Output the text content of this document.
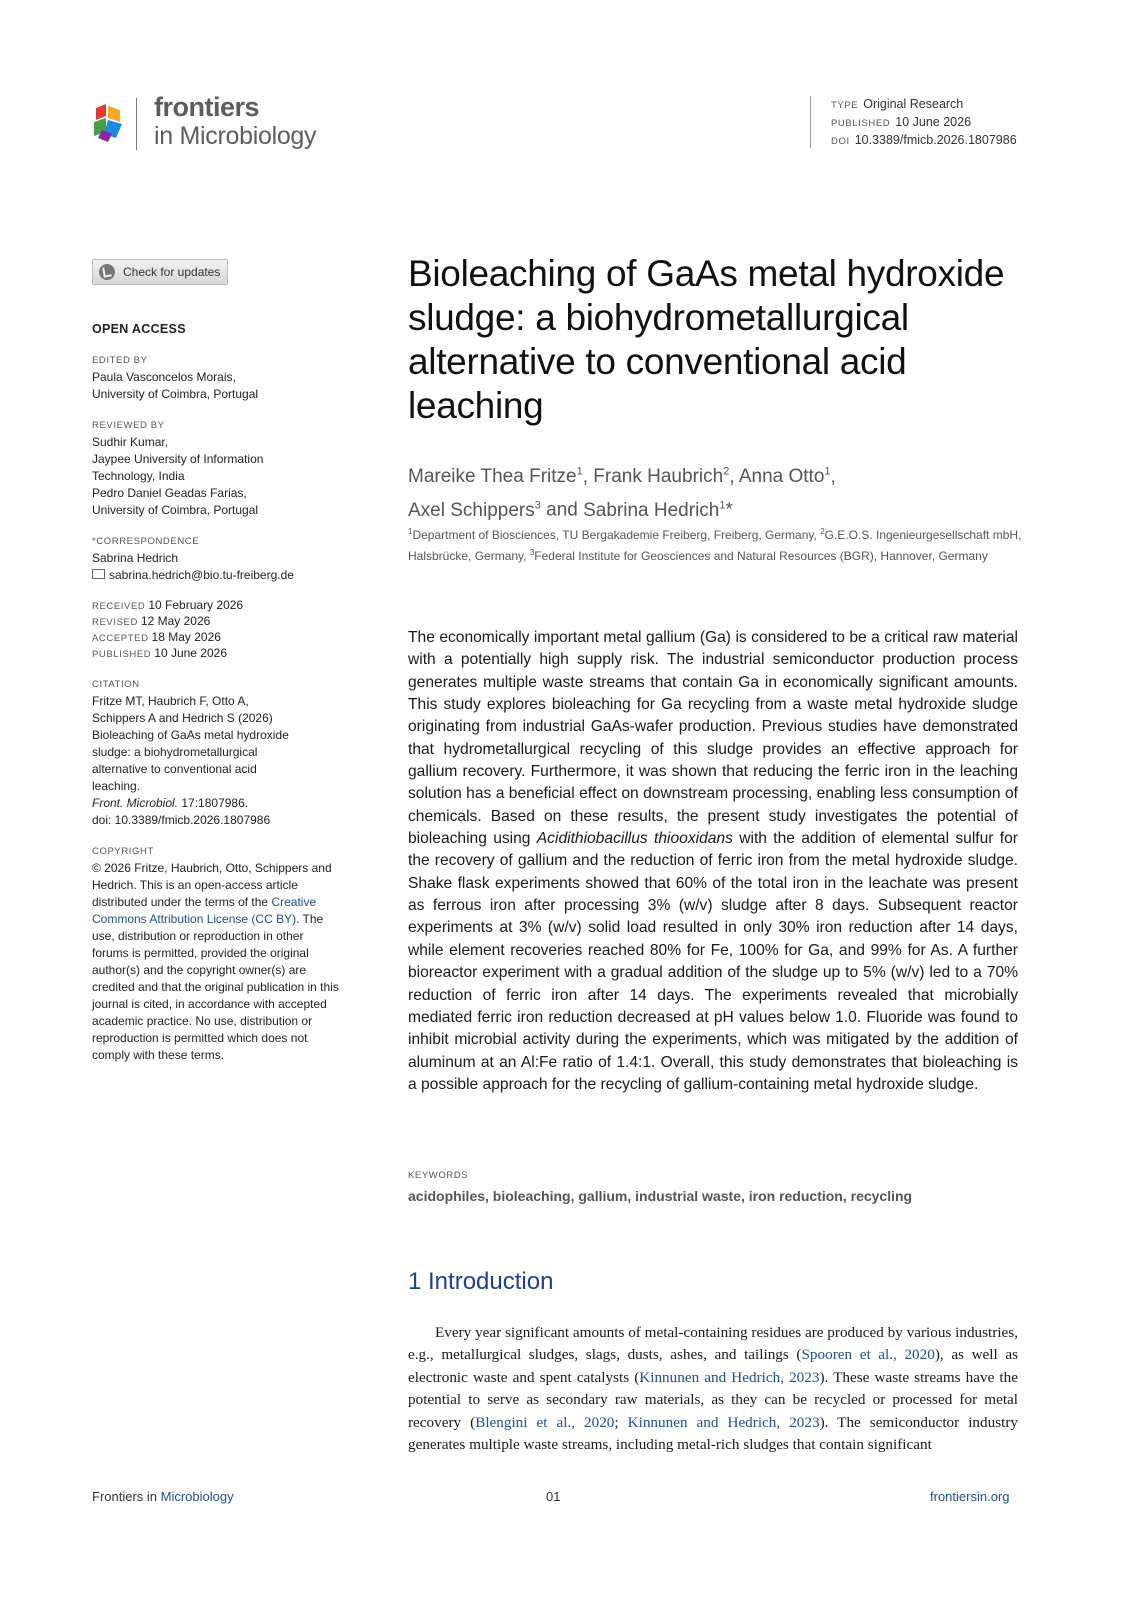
frontiers
in Microbiology
TYPE Original Research
PUBLISHED 10 June 2026
DOI 10.3389/fmicb.2026.1807986
Check for updates
OPEN ACCESS
EDITED BY
Paula Vasconcelos Morais,
University of Coimbra, Portugal
REVIEWED BY
Sudhir Kumar,
Jaypee University of Information
Technology, India
Pedro Daniel Geadas Farias,
University of Coimbra, Portugal
*CORRESPONDENCE
Sabrina Hedrich
sabrina.hedrich@bio.tu-freiberg.de
RECEIVED 10 February 2026
REVISED 12 May 2026
ACCEPTED 18 May 2026
PUBLISHED 10 June 2026
CITATION
Fritze MT, Haubrich F, Otto A,
Schippers A and Hedrich S (2026)
Bioleaching of GaAs metal hydroxide
sludge: a biohydrometallurgical
alternative to conventional acid
leaching.
Front. Microbiol. 17:1807986.
doi: 10.3389/fmicb.2026.1807986
COPYRIGHT
© 2026 Fritze, Haubrich, Otto, Schippers and Hedrich. This is an open-access article distributed under the terms of the Creative Commons Attribution License (CC BY). The use, distribution or reproduction in other forums is permitted, provided the original author(s) and the copyright owner(s) are credited and that the original publication in this journal is cited, in accordance with accepted academic practice. No use, distribution or reproduction is permitted which does not comply with these terms.
Bioleaching of GaAs metal hydroxide sludge: a biohydrometallurgical alternative to conventional acid leaching
Mareike Thea Fritze$^1$, Frank Haubrich$^2$, Anna Otto$^1$,
Axel Schippers$^3$ and Sabrina Hedrich$^1$*
$^1$Department of Biosciences, TU Bergakademie Freiberg, Freiberg, Germany, $^2$G.E.O.S. Ingenieurgesellschaft mbH, Halsbrücke, Germany, $^3$Federal Institute for Geosciences and Natural Resources (BGR), Hannover, Germany
The economically important metal gallium (Ga) is considered to be a critical raw material with a potentially high supply risk. The industrial semiconductor production process generates multiple waste streams that contain Ga in economically significant amounts. This study explores bioleaching for Ga recycling from a waste metal hydroxide sludge originating from industrial GaAs-wafer production. Previous studies have demonstrated that hydrometallurgical recycling of this sludge provides an effective approach for gallium recovery. Furthermore, it was shown that reducing the ferric iron in the leaching solution has a beneficial effect on downstream processing, enabling less consumption of chemicals. Based on these results, the present study investigates the potential of bioleaching using Acidithiobacillus thiooxidans with the addition of elemental sulfur for the recovery of gallium and the reduction of ferric iron from the metal hydroxide sludge. Shake flask experiments showed that 60% of the total iron in the leachate was present as ferrous iron after processing 3% (w/v) sludge after 8 days. Subsequent reactor experiments at 3% (w/v) solid load resulted in only 30% iron reduction after 14 days, while element recoveries reached 80% for Fe, 100% for Ga, and 99% for As. A further bioreactor experiment with a gradual addition of the sludge up to 5% (w/v) led to a 70% reduction of ferric iron after 14 days. The experiments revealed that microbially mediated ferric iron reduction decreased at pH values below 1.0. Fluoride was found to inhibit microbial activity during the experiments, which was mitigated by the addition of aluminum at an Al:Fe ratio of 1.4:1. Overall, this study demonstrates that bioleaching is a possible approach for the recycling of gallium-containing metal hydroxide sludge.
KEYWORDS
acidophiles, bioleaching, gallium, industrial waste, iron reduction, recycling
1 Introduction
Every year significant amounts of metal-containing residues are produced by various industries, e.g., metallurgical sludges, slags, dusts, ashes, and tailings (Spooren et al., 2020), as well as electronic waste and spent catalysts (Kinnunen and Hedrich, 2023). These waste streams have the potential to serve as secondary raw materials, as they can be recycled or processed for metal recovery (Blengini et al., 2020; Kinnunen and Hedrich, 2023). The semiconductor industry generates multiple waste streams, including metal-rich sludges that contain significant
Frontiers in Microbiology	01	frontiersin.org
